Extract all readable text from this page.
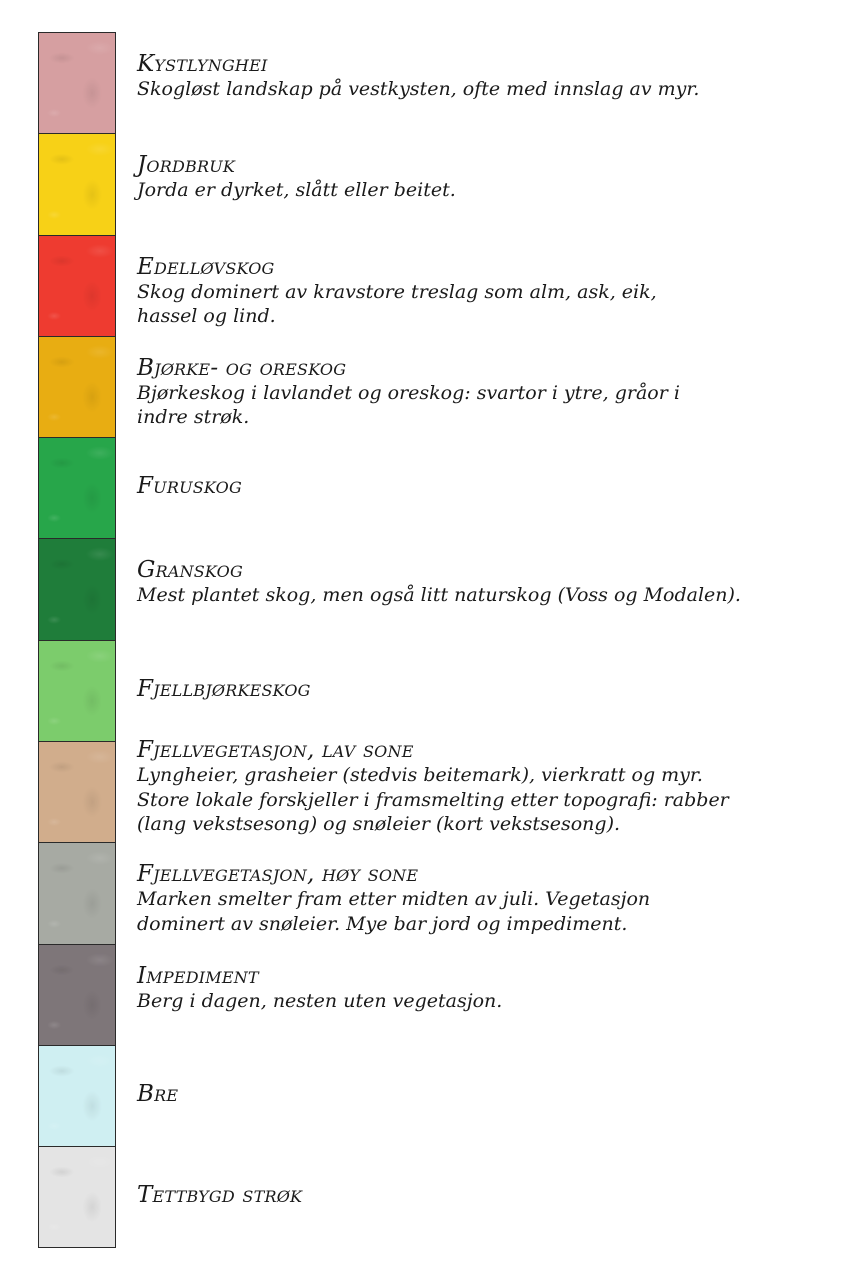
Kystlynghei
Skogløst landskap på vestkysten, ofte med innslag av myr.
Jordbruk
Jorda er dyrket, slått eller beitet.
Edelløvskog
Skog dominert av kravstore treslag som alm, ask, eik,
hassel og lind.
Bjørke- og oreskog
Bjørkeskog i lavlandet og oreskog: svartor i ytre, gråor i
indre strøk.
Furuskog
Granskog
Mest plantet skog, men også litt naturskog (Voss og Modalen).
Fjellbjørkeskog
Fjellvegetasjon, lav sone
Lyngheier, grasheier (stedvis beitemark), vierkratt og myr.
Store lokale forskjeller i framsmelting etter topografi: rabber
(lang vekstsesong) og snøleier (kort vekstsesong).
Fjellvegetasjon, høy sone
Marken smelter fram etter midten av juli. Vegetasjon
dominert av snøleier. Mye bar jord og impediment.
Impediment
Berg i dagen, nesten uten vegetasjon.
Bre
Tettbygd strøk
